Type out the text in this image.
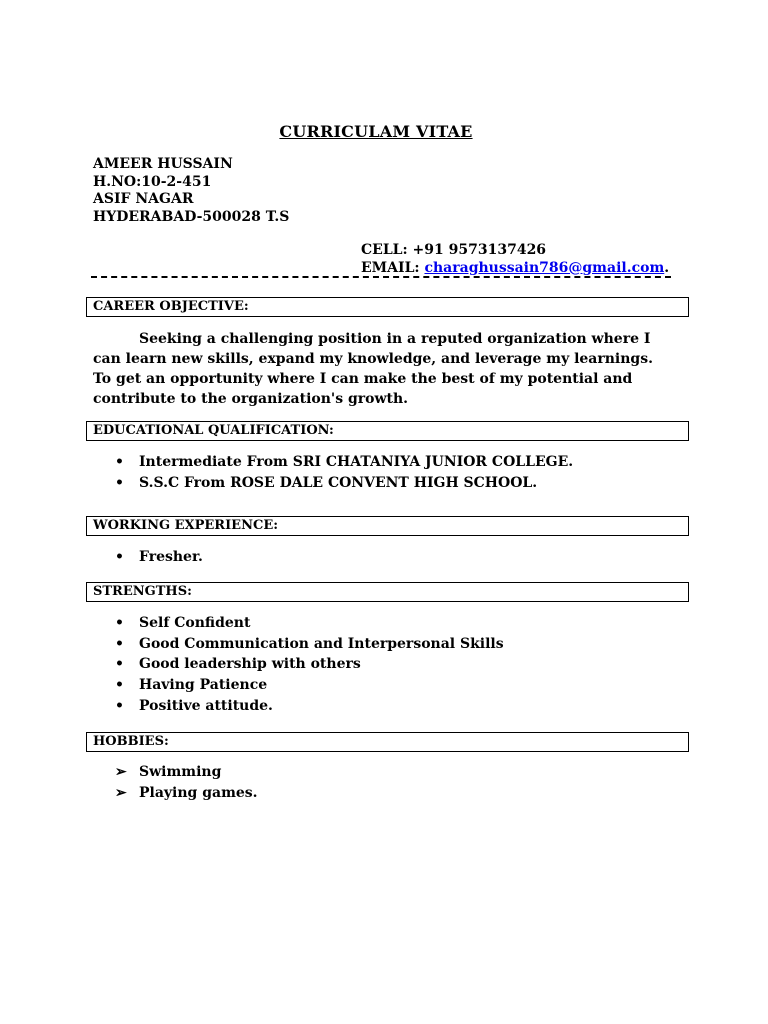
CURRICULAM VITAE
AMEER HUSSAIN
H.NO:10-2-451
ASIF NAGAR
HYDERABAD-500028 T.S
CELL: +91 9573137426
EMAIL: charaghussain786@gmail.com.
CAREER OBJECTIVE:

Seeking a challenging position in a reputed organization where I can learn new skills, expand my knowledge, and leverage my learnings. To get an opportunity where I can make the best of my potential and contribute to the organization's growth.

EDUCATIONAL QUALIFICATION:
• Intermediate From SRI CHATANIYA JUNIOR COLLEGE.
• S.S.C From ROSE DALE CONVENT HIGH SCHOOL.
WORKING EXPERIENCE:
• Fresher.
STRENGTHS:
• Self Confident
• Good Communication and Interpersonal Skills
• Good leadership with others
• Having Patience
• Positive attitude.
HOBBIES:
➢ Swimming
➢ Playing games.
